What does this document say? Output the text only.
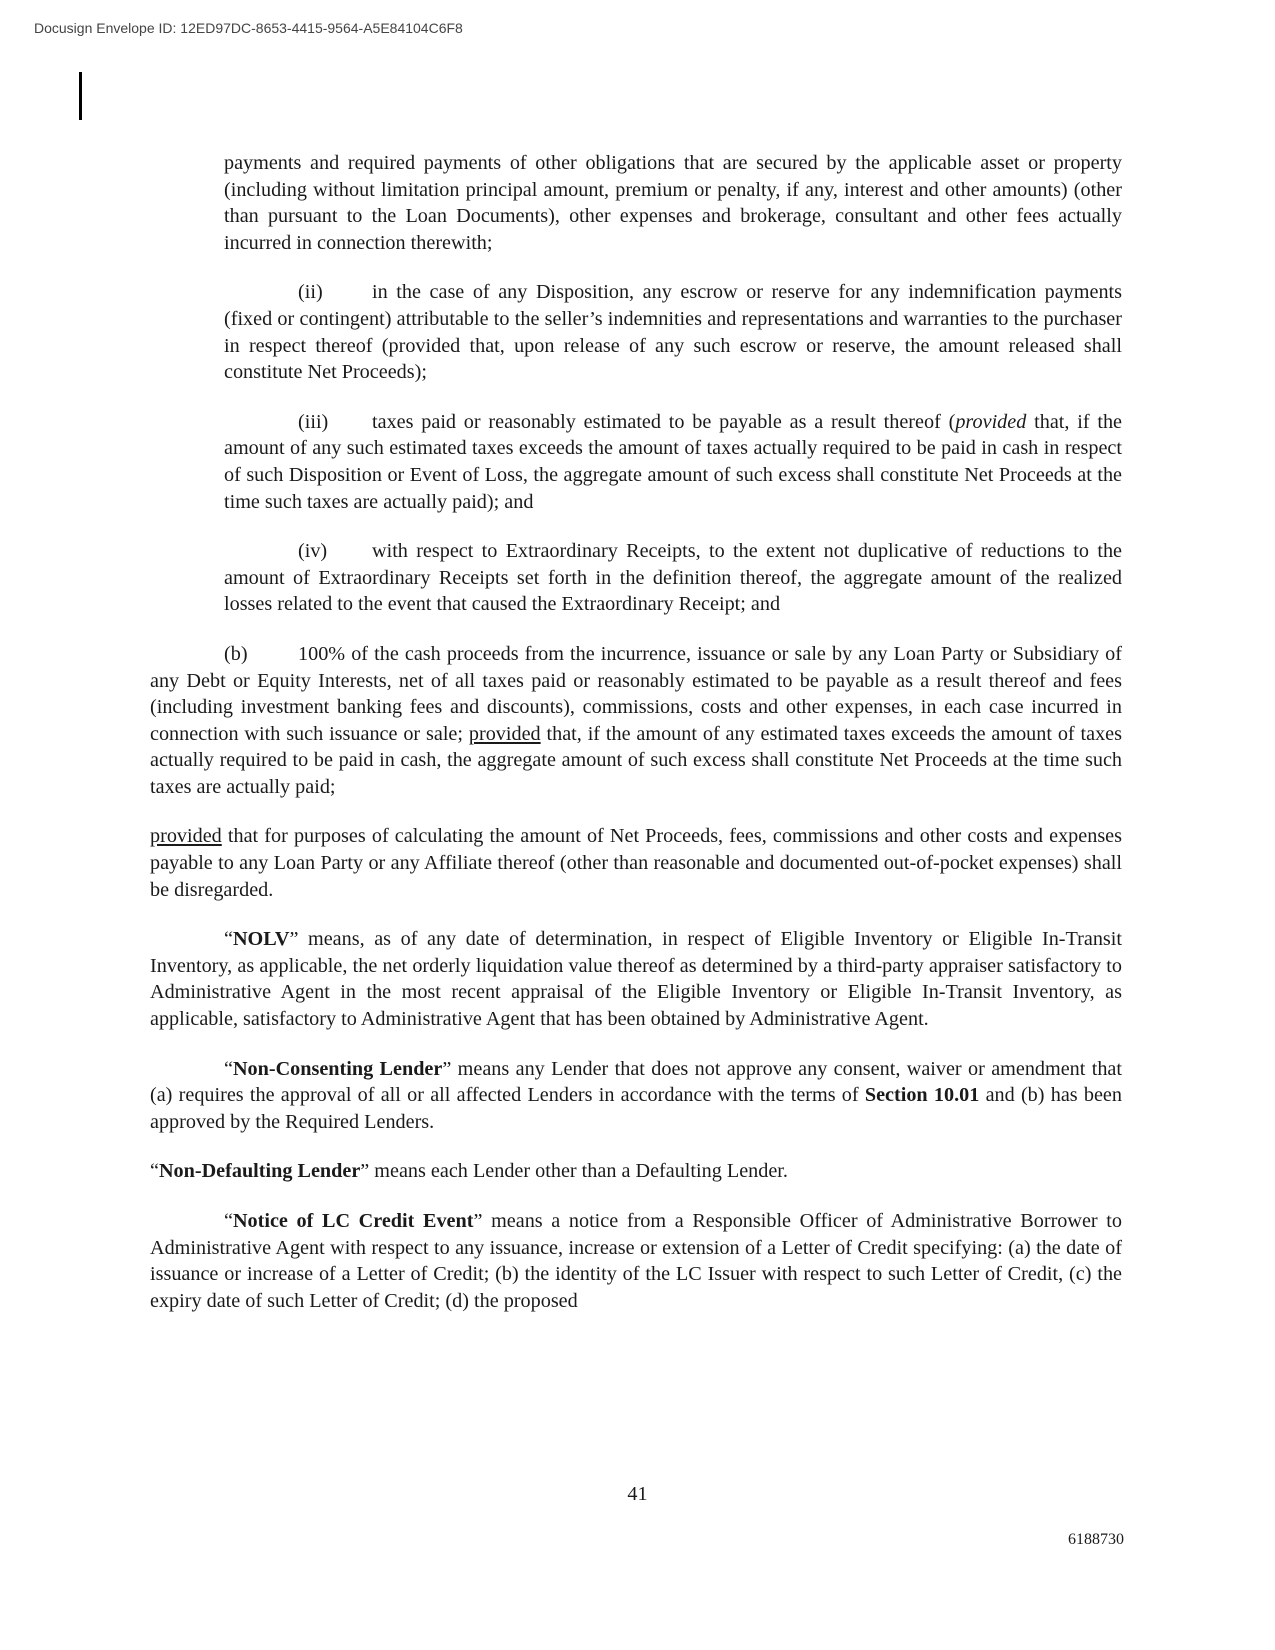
Docusign Envelope ID: 12ED97DC-8653-4415-9564-A5E84104C6F8

payments and required payments of other obligations that are secured by the applicable asset or property (including without limitation principal amount, premium or penalty, if any, interest and other amounts) (other than pursuant to the Loan Documents), other expenses and brokerage, consultant and other fees actually incurred in connection therewith;

(ii) in the case of any Disposition, any escrow or reserve for any indemnification payments (fixed or contingent) attributable to the seller’s indemnities and representations and warranties to the purchaser in respect thereof (provided that, upon release of any such escrow or reserve, the amount released shall constitute Net Proceeds);

(iii) taxes paid or reasonably estimated to be payable as a result thereof (provided that, if the amount of any such estimated taxes exceeds the amount of taxes actually required to be paid in cash in respect of such Disposition or Event of Loss, the aggregate amount of such excess shall constitute Net Proceeds at the time such taxes are actually paid); and

(iv) with respect to Extraordinary Receipts, to the extent not duplicative of reductions to the amount of Extraordinary Receipts set forth in the definition thereof, the aggregate amount of the realized losses related to the event that caused the Extraordinary Receipt; and

(b) 100% of the cash proceeds from the incurrence, issuance or sale by any Loan Party or Subsidiary of any Debt or Equity Interests, net of all taxes paid or reasonably estimated to be payable as a result thereof and fees (including investment banking fees and discounts), commissions, costs and other expenses, in each case incurred in connection with such issuance or sale; provided that, if the amount of any estimated taxes exceeds the amount of taxes actually required to be paid in cash, the aggregate amount of such excess shall constitute Net Proceeds at the time such taxes are actually paid;

provided that for purposes of calculating the amount of Net Proceeds, fees, commissions and other costs and expenses payable to any Loan Party or any Affiliate thereof (other than reasonable and documented out-of-pocket expenses) shall be disregarded.

“NOLV” means, as of any date of determination, in respect of Eligible Inventory or Eligible In-Transit Inventory, as applicable, the net orderly liquidation value thereof as determined by a third-party appraiser satisfactory to Administrative Agent in the most recent appraisal of the Eligible Inventory or Eligible In-Transit Inventory, as applicable, satisfactory to Administrative Agent that has been obtained by Administrative Agent.

“Non-Consenting Lender” means any Lender that does not approve any consent, waiver or amendment that (a) requires the approval of all or all affected Lenders in accordance with the terms of Section 10.01 and (b) has been approved by the Required Lenders.

“Non-Defaulting Lender” means each Lender other than a Defaulting Lender.

“Notice of LC Credit Event” means a notice from a Responsible Officer of Administrative Borrower to Administrative Agent with respect to any issuance, increase or extension of a Letter of Credit specifying: (a) the date of issuance or increase of a Letter of Credit; (b) the identity of the LC Issuer with respect to such Letter of Credit, (c) the expiry date of such Letter of Credit; (d) the proposed

41
6188730
